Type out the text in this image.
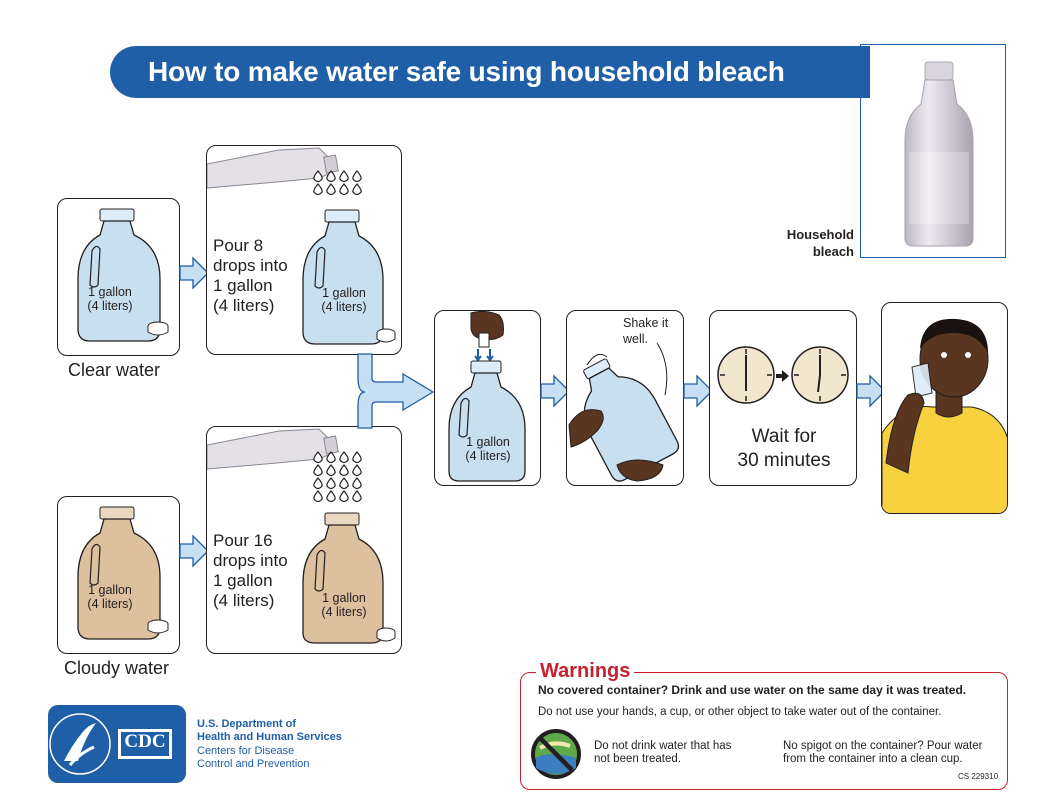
How to make water safe using household bleach
Household
bleach
1 gallon
(4 liters)
Clear water
Pour 8
drops into
1 gallon
(4 liters)
1 gallon
(4 liters)
1 gallon
(4 liters)
Cloudy water
Pour 16
drops into
1 gallon
(4 liters)	1 gallon
(4 liters)
1 gallon
(4 liters)
Shake it
well.
Wait for
30 minutes
Warnings
No covered container? Drink and use water on the same day it was treated.
Do not use your hands, a cup, or other object to take water out of the container.
Do not drink water that has
not been treated.
No spigot on the container? Pour water
from the container into a clean cup.
CS 229310
CDC
U.S. Department of
Health and Human Services
Centers for Disease
Control and Prevention
